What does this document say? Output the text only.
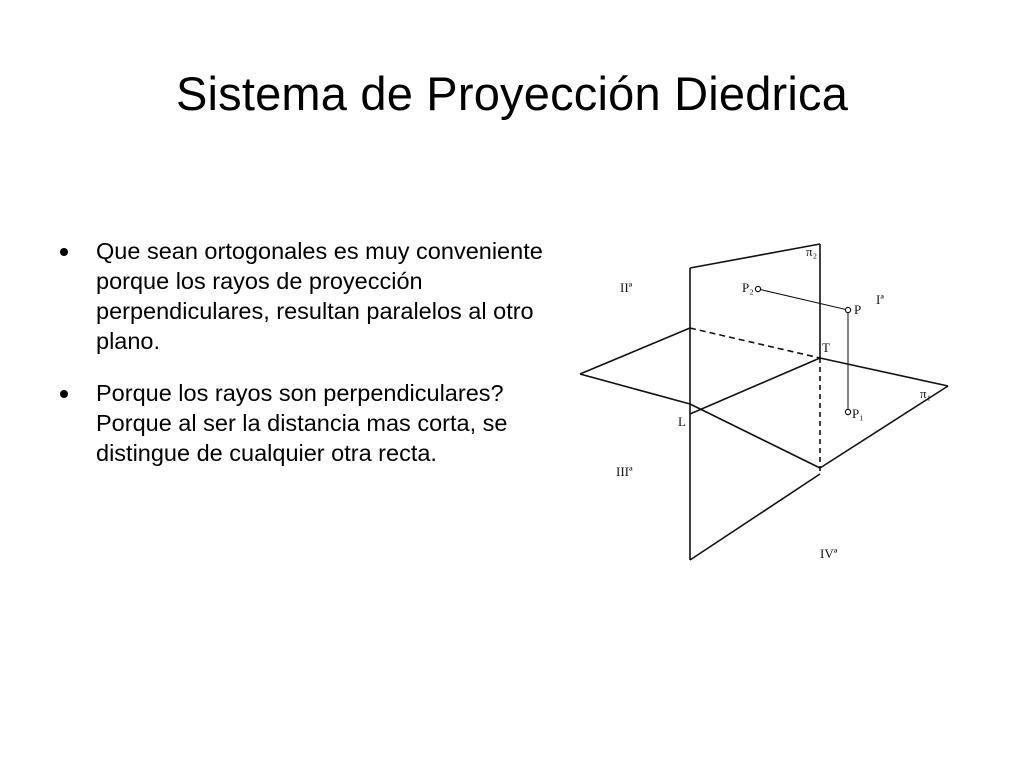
Sistema de Proyección Diedrica
Que sean ortogonales es muy conveniente porque los rayos de proyección perpendiculares, resultan paralelos al otro plano.
Porque los rayos son perpendiculares? Porque al ser la distancia mas corta, se distingue de cualquier otra recta.
Iª
IIª
IIIª
IVª
π₂
π₁
P
P₂
P₁
T
L
